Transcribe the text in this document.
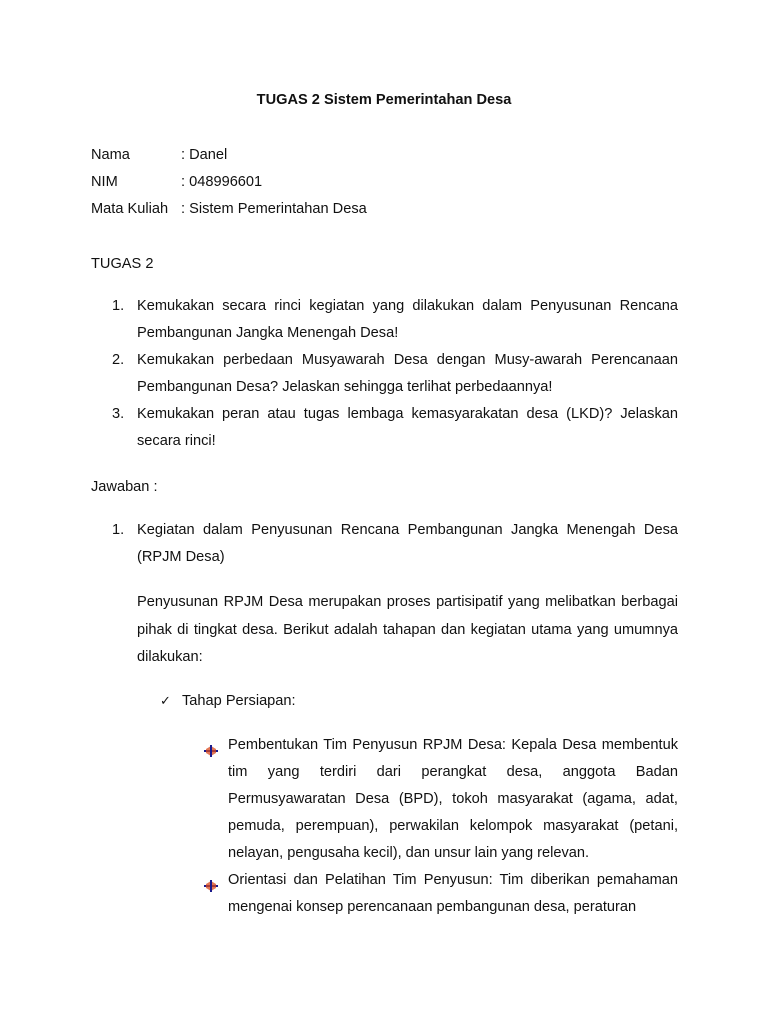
TUGAS 2 Sistem Pemerintahan Desa
Nama	: Danel
NIM	: 048996601
Mata Kuliah : Sistem Pemerintahan Desa
TUGAS 2
1. Kemukakan secara rinci kegiatan yang dilakukan dalam Penyusunan Rencana Pembangunan Jangka Menengah Desa!
2. Kemukakan perbedaan Musyawarah Desa dengan Musy-awarah Perencanaan Pembangunan Desa? Jelaskan sehingga terlihat perbedaannya!
3. Kemukakan peran atau tugas lembaga kemasyarakatan desa (LKD)? Jelaskan secara rinci!
Jawaban :
1. Kegiatan dalam Penyusunan Rencana Pembangunan Jangka Menengah Desa (RPJM Desa)
Penyusunan RPJM Desa merupakan proses partisipatif yang melibatkan berbagai pihak di tingkat desa. Berikut adalah tahapan dan kegiatan utama yang umumnya dilakukan:
✓ Tahap Persiapan:
Pembentukan Tim Penyusun RPJM Desa: Kepala Desa membentuk tim yang terdiri dari perangkat desa, anggota Badan Permusyawaratan Desa (BPD), tokoh masyarakat (agama, adat, pemuda, perempuan), perwakilan kelompok masyarakat (petani, nelayan, pengusaha kecil), dan unsur lain yang relevan.
Orientasi dan Pelatihan Tim Penyusun: Tim diberikan pemahaman mengenai konsep perencanaan pembangunan desa, peraturan
